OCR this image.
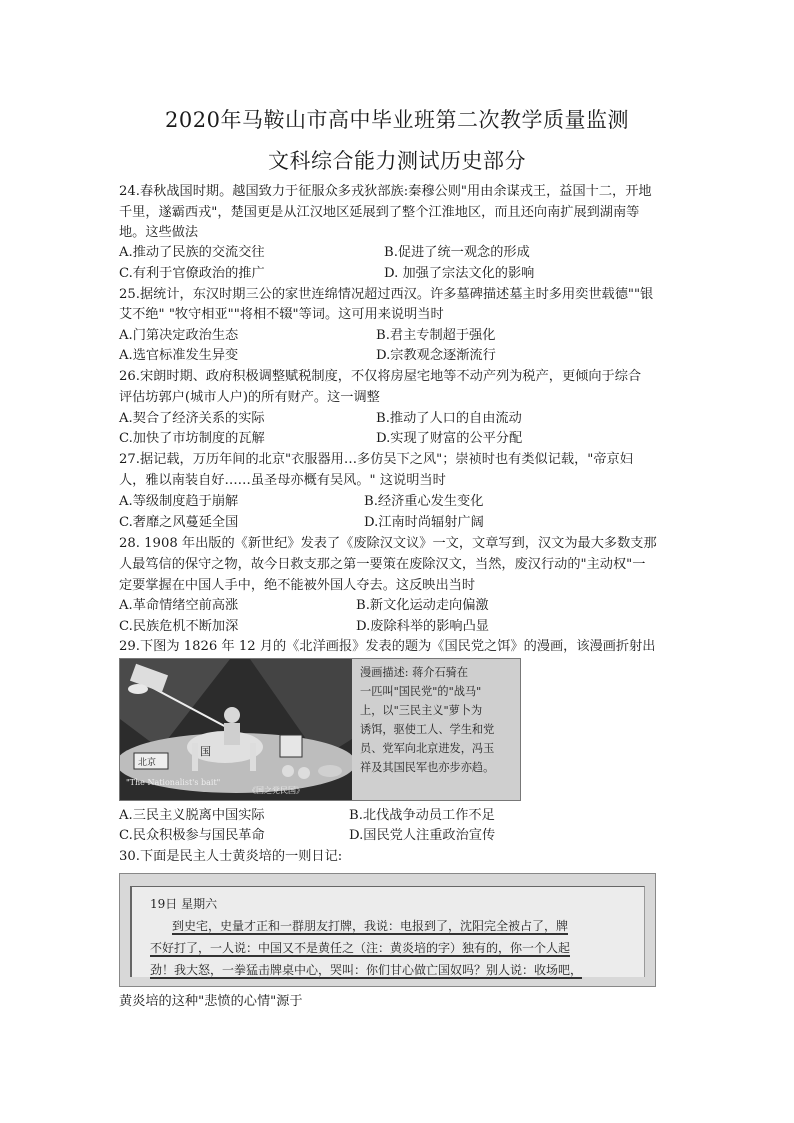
2020年马鞍山市高中毕业班第二次教学质量监测
文科综合能力测试历史部分
24.春秋战国时期。越国致力于征服众多戎狄部族:秦穆公则"用由余谋戎王，益国十二，开地
千里，遂霸西戎"，楚国更是从江汉地区延展到了整个江淮地区，而且还向南扩展到湖南等
地。这些做法
A.推动了民族的交流交往	B.促进了统一观念的形成
C.有利于官僚政治的推广	D. 加强了宗法文化的影响
25.据统计，东汉时期三公的家世连绵情况超过西汉。许多墓碑描述墓主时多用奕世载德""银
艾不绝" "牧守相亚""将相不辍"等词。这可用来说明当时
A.门第决定政治生态	B.君主专制超于强化
A.选官标准发生异变	D.宗教观念逐渐流行
26.宋朗时期、政府积极调整赋税制度，不仅将房屋宅地等不动产列为税产，更倾向于综合
评估坊郭户(城市人户)的所有财产。这一调整
A.契合了经济关系的实际	B.推动了人口的自由流动
C.加快了市坊制度的瓦解	D.实现了财富的公平分配
27.据记载，万历年间的北京"衣服器用…多仿吴下之风"；崇祯时也有类似记载，"帝京妇
人，雅以南装自好……虽圣母亦概有吴风。" 这说明当时
A.等级制度趋于崩解	B.经济重心发生变化
C.奢靡之风蔓延全国	D.江南时尚辐射广阔
28. 1908 年出版的《新世纪》发表了《废除汉文议》一文，文章写到，汉文为最大多数支那
人最笃信的保守之物，故今日救支那之第一要策在废除汉文，当然，废汉行动的"主动权"一
定要掌握在中国人手中，绝不能被外国人夺去。这反映出当时
A.革命情绪空前高涨	B.新文化运动走向偏激
C.民族危机不断加深	D.废除科举的影响凸显
29.下图为 1826 年 12 月的《北洋画报》发表的题为《国民党之饵》的漫画，该漫画折射出
国
北京
"The Nationalist's bait"
《国之党民国》
漫画描述: 蒋介石骑在
一匹叫"国民党"的"战马"
上，以"三民主义"萝卜为
诱饵，驱使工人、学生和党
员、党军向北京进发，冯玉
祥及其国民军也亦步亦趋。
A.三民主义脱离中国实际	B.北伐战争动员工作不足
C.民众积极参与国民革命	D.国民党人注重政治宣传
30.下面是民主人士黄炎培的一则日记:
19日 星期六
到史宅，史量才正和一群朋友打牌，我说：电报到了，沈阳完全被占了，牌
不好打了，一人说：中国又不是黄任之（注：黄炎培的字）独有的，你一个人起
劲！我大怒，一拳猛击牌桌中心，哭叫：你们甘心做亡国奴吗？别人说：收场吧，
黄炎培的这种"悲愤的心情"源于
